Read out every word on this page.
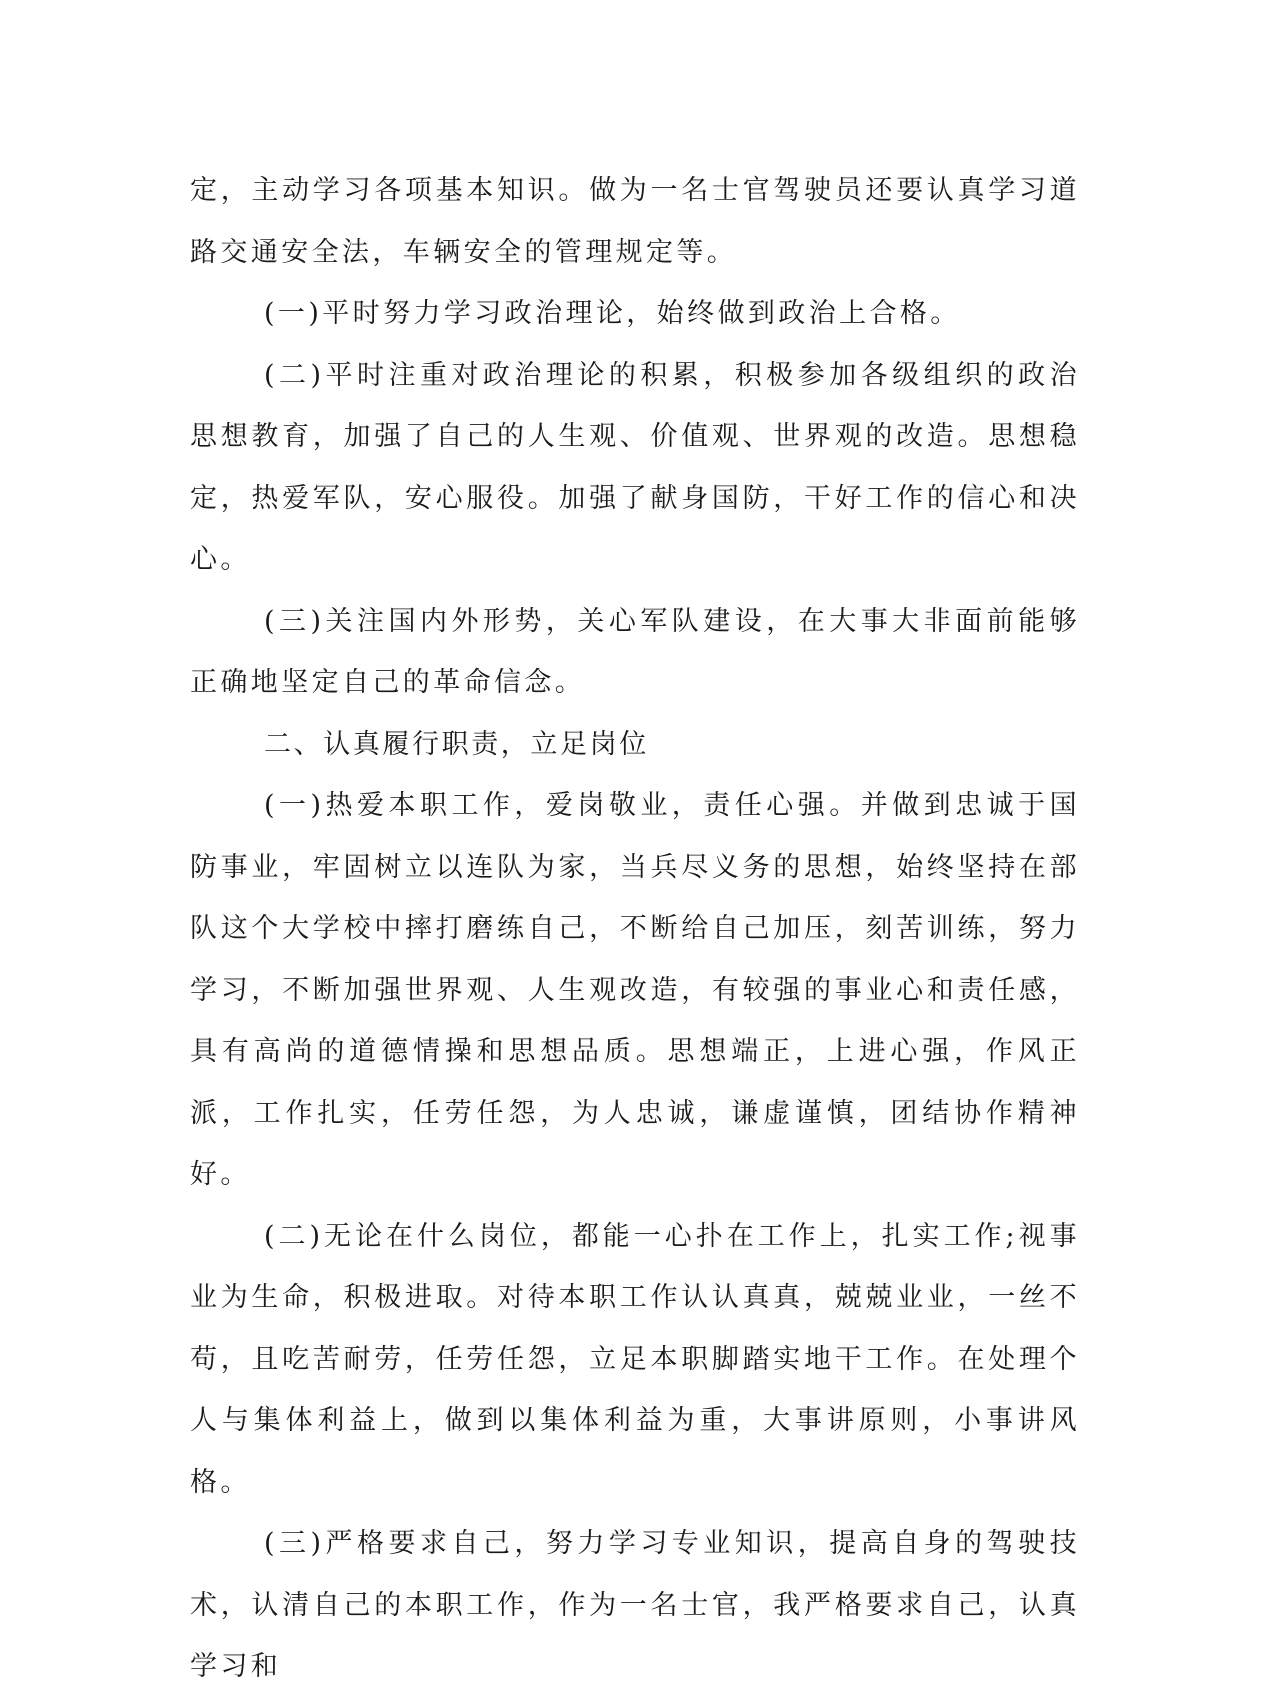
定，主动学习各项基本知识。做为一名士官驾驶员还要认真学习道路交通安全法，车辆安全的管理规定等。

(一)平时努力学习政治理论，始终做到政治上合格。

(二)平时注重对政治理论的积累，积极参加各级组织的政治思想教育，加强了自己的人生观、价值观、世界观的改造。思想稳定，热爱军队，安心服役。加强了献身国防，干好工作的信心和决心。

(三)关注国内外形势，关心军队建设，在大事大非面前能够正确地坚定自己的革命信念。

二、认真履行职责，立足岗位

(一)热爱本职工作，爱岗敬业，责任心强。并做到忠诚于国防事业，牢固树立以连队为家，当兵尽义务的思想，始终坚持在部队这个大学校中摔打磨练自己，不断给自己加压，刻苦训练，努力学习，不断加强世界观、人生观改造，有较强的事业心和责任感，具有高尚的道德情操和思想品质。思想端正，上进心强，作风正派，工作扎实，任劳任怨，为人忠诚，谦虚谨慎，团结协作精神好。

(二)无论在什么岗位，都能一心扑在工作上，扎实工作;视事业为生命，积极进取。对待本职工作认认真真，兢兢业业，一丝不苟，且吃苦耐劳，任劳任怨，立足本职脚踏实地干工作。在处理个人与集体利益上，做到以集体利益为重，大事讲原则，小事讲风格。

(三)严格要求自己，努力学习专业知识，提高自身的驾驶技术，认清自己的本职工作，作为一名士官，我严格要求自己，认真学习和
